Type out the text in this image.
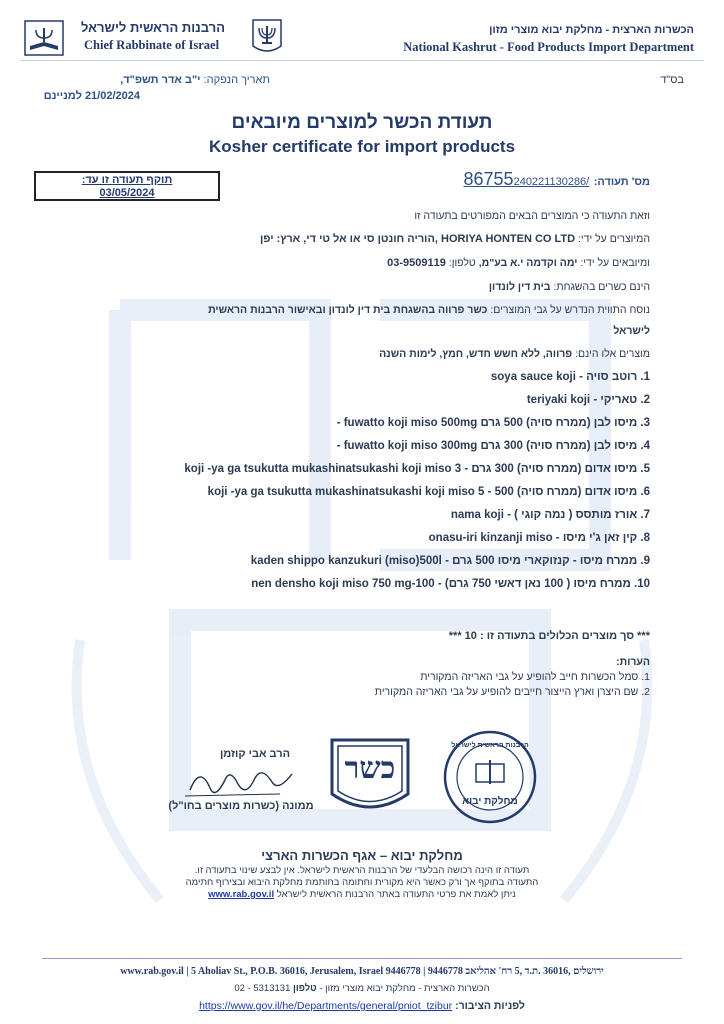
הרבנות הראשית לישראל
Chief Rabbinate of Israel
הכשרות הארצית - מחלקת יבוא מוצרי מזון
National Kashrut - Food Products Import Department
בס"ד
תאריך הנפקה: י"ב אדר תשפ"ד,
21/02/2024 למניינם
תעודת הכשר למוצרים מיובאים
Kosher certificate for import products
תוקף תעודה זו עד:
03/05/2024
מס' תעודה: 86755240221130286/
וזאת התעודה כי המוצרים הבאים המפורטים בתעודה זו
המיוצרים על ידי: HORIYA HONTEN CO LTD ,הוריה חונטן סי או אל טי די, ארץ: יפן
ומיובאים על ידי: ימה וקדמה י.א בע"מ, טלפון: 03-9509119
הינם כשרים בהשגחת: בית דין לונדון
נוסח התווית הנדרש על גבי המוצרים: כשר פרווה בהשגחת בית דין לונדון ובאישור הרבנות הראשית
לישראל
מוצרים אלו הינם: פרווה, ללא חשש חדש, חמץ, לימות השנה
1. רוטב סויה - soya sauce koji
2. טאריקי - teriyaki koji
3. מיסו לבן (ממרח סויה) 500 גרם fuwatto koji miso 500mg -
4. מיסו לבן (ממרח סויה) 300 גרם fuwatto koji miso 300mg -
5. מיסו אדום (ממרח סויה) 300 גרם - koji -ya ga tsukutta mukashinatsukashi koji miso 3
6. מיסו אדום (ממרח סויה) 500 - koji -ya ga tsukutta mukashinatsukashi koji miso 5
7. אורז מותסס ( נמה קוגי ) - nama koji
8. קין זאן ג'י מיסו - onasu-iri kinzanji miso
9. ממרח מיסו - קנזוקארי מיסו 500 גרם - kaden shippo kanzukuri (miso)500l
10. ממרח מיסו ( 100 נאן דאשי 750 גרם) - nen densho koji miso 750 mg-100
*** סך מוצרים הכלולים בתעודה זו : 10 ***
הערות:
1. סמל הכשרות חייב להופיע על גבי האריזה המקורית
2. שם היצרן וארץ הייצור חייבים להופיע על גבי האריזה המקורית
הרב אבי קוזמן
ממונה (כשרות מוצרים בחו"ל)
כשר
הרבנות הראשית לישראל
מחלקת יבוא
מחלקת יבוא – אגף הכשרות הארצי
תעודה זו הינה רכושה הבלעדי של הרבנות הראשית לישראל. אין לבצע שינוי בתעודה זו.
התעודה בתוקף אך ורק כאשר היא מקורית וחתומה בחותמת מחלקת היבוא ובצירוף חתימה
ניתן לאמת את פרטי התעודה באתר הרבנות הראשית לישראל www.rab.gov.il
www.rab.gov.il | 5 Aholiav St., P.O.B. 36016, Jerusalem, Israel 9446778 | 9446778 ירושלים ,36016 .ת.ד ,5 רח' אהליאב
הכשרות הארצית - מחלקת יבוא מוצרי מזון - טלפון 02 - 5313131
לפניות הציבור: https://www.gov.il/he/Departments/general/pniot_tzibur
